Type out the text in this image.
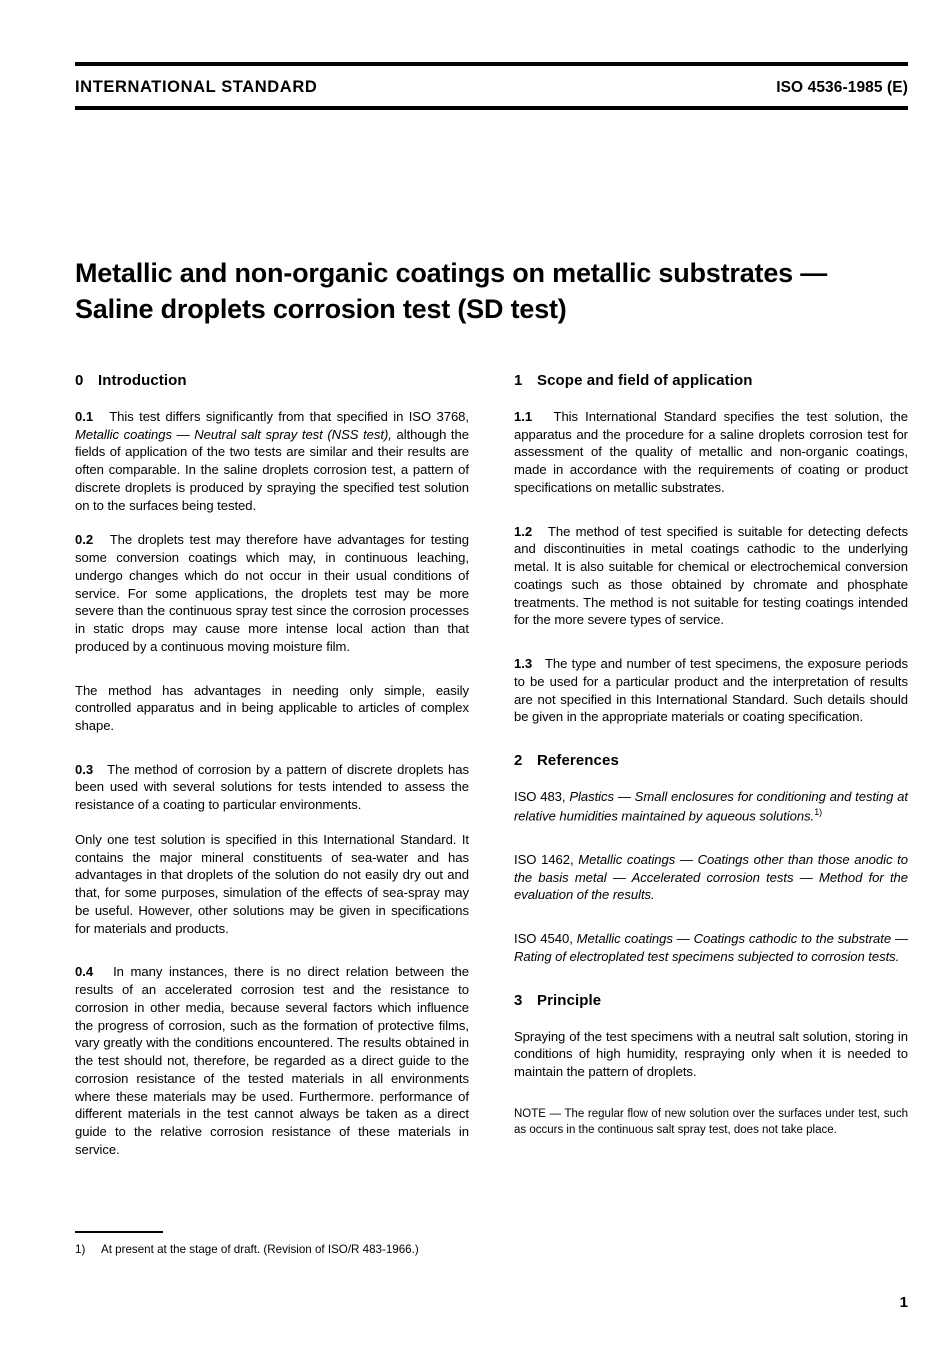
INTERNATIONAL STANDARD	ISO 4536-1985 (E)
Metallic and non-organic coatings on metallic substrates —
Saline droplets corrosion test (SD test)
0 Introduction

0.1 This test differs significantly from that specified in ISO 3768, Metallic coatings — Neutral salt spray test (NSS test), although the fields of application of the two tests are similar and their results are often comparable. In the saline droplets corrosion test, a pattern of discrete droplets is produced by spraying the specified test solution on to the surfaces being tested.

0.2 The droplets test may therefore have advantages for testing some conversion coatings which may, in continuous leaching, undergo changes which do not occur in their usual conditions of service. For some applications, the droplets test may be more severe than the continuous spray test since the corrosion processes in static drops may cause more intense local action than that produced by a continuous moving moisture film.

The method has advantages in needing only simple, easily controlled apparatus and in being applicable to articles of complex shape.

0.3 The method of corrosion by a pattern of discrete droplets has been used with several solutions for tests intended to assess the resistance of a coating to particular environments.

Only one test solution is specified in this International Standard. It contains the major mineral constituents of sea-water and has advantages in that droplets of the solution do not easily dry out and that, for some purposes, simulation of the effects of sea-spray may be useful. However, other solutions may be given in specifications for materials and products.

0.4 In many instances, there is no direct relation between the results of an accelerated corrosion test and the resistance to corrosion in other media, because several factors which influence the progress of corrosion, such as the formation of protective films, vary greatly with the conditions encountered. The results obtained in the test should not, therefore, be regarded as a direct guide to the corrosion resistance of the tested materials in all environments where these materials may be used. Furthermore. performance of different materials in the test cannot always be taken as a direct guide to the relative corrosion resistance of these materials in service.

1 Scope and field of application

1.1 This International Standard specifies the test solution, the apparatus and the procedure for a saline droplets corrosion test for assessment of the quality of metallic and non-organic coatings, made in accordance with the requirements of coating or product specifications on metallic substrates.

1.2 The method of test specified is suitable for detecting defects and discontinuities in metal coatings cathodic to the underlying metal. It is also suitable for chemical or electrochemical conversion coatings such as those obtained by chromate and phosphate treatments. The method is not suitable for testing coatings intended for the more severe types of service.

1.3 The type and number of test specimens, the exposure periods to be used for a particular product and the interpretation of results are not specified in this International Standard. Such details should be given in the appropriate materials or coating specification.

2 References

ISO 483, Plastics — Small enclosures for conditioning and testing at relative humidities maintained by aqueous solutions.$^{1)}$

ISO 1462, Metallic coatings — Coatings other than those anodic to the basis metal — Accelerated corrosion tests — Method for the evaluation of the results.

ISO 4540, Metallic coatings — Coatings cathodic to the substrate — Rating of electroplated test specimens subjected to corrosion tests.

3 Principle

Spraying of the test specimens with a neutral salt solution, storing in conditions of high humidity, respraying only when it is needed to maintain the pattern of droplets.

NOTE — The regular flow of new solution over the surfaces under test, such as occurs in the continuous salt spray test, does not take place.

1) At present at the stage of draft. (Revision of ISO/R 483-1966.)
1
